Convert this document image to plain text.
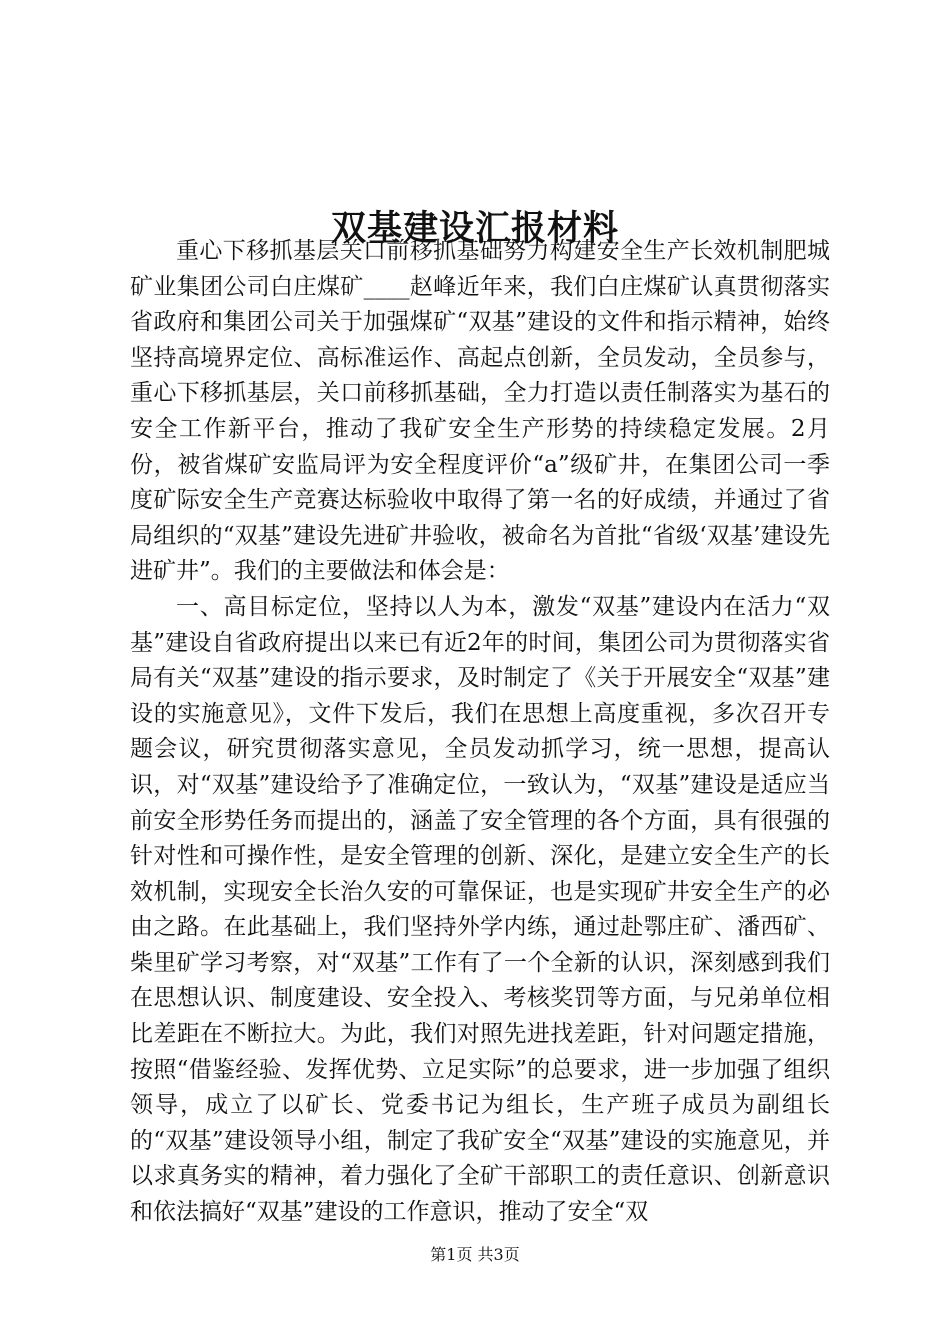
双基建设汇报材料

重心下移抓基层关口前移抓基础努力构建安全生产长效机制肥城矿业集团公司白庄煤矿____赵峰近年来，我们白庄煤矿认真贯彻落实省政府和集团公司关于加强煤矿“双基”建设的文件和指示精神，始终坚持高境界定位、高标准运作、高起点创新，全员发动，全员参与，重心下移抓基层，关口前移抓基础，全力打造以责任制落实为基石的安全工作新平台，推动了我矿安全生产形势的持续稳定发展。2月份，被省煤矿安监局评为安全程度评价“a”级矿井，在集团公司一季度矿际安全生产竞赛达标验收中取得了第一名的好成绩，并通过了省局组织的“双基”建设先进矿井验收，被命名为首批“省级‘双基’建设先进矿井”。我们的主要做法和体会是：

一、高目标定位，坚持以人为本，激发“双基”建设内在活力“双基”建设自省政府提出以来已有近2年的时间，集团公司为贯彻落实省局有关“双基”建设的指示要求，及时制定了《关于开展安全“双基”建设的实施意见》，文件下发后，我们在思想上高度重视，多次召开专题会议，研究贯彻落实意见，全员发动抓学习，统一思想，提高认识，对“双基”建设给予了准确定位，一致认为，“双基”建设是适应当前安全形势任务而提出的，涵盖了安全管理的各个方面，具有很强的针对性和可操作性，是安全管理的创新、深化，是建立安全生产的长效机制，实现安全长治久安的可靠保证，也是实现矿井安全生产的必由之路。在此基础上，我们坚持外学内练，通过赴鄂庄矿、潘西矿、柴里矿学习考察，对“双基”工作有了一个全新的认识，深刻感到我们在思想认识、制度建设、安全投入、考核奖罚等方面，与兄弟单位相比差距在不断拉大。为此，我们对照先进找差距，针对问题定措施，按照“借鉴经验、发挥优势、立足实际”的总要求，进一步加强了组织领导，成立了以矿长、党委书记为组长，生产班子成员为副组长的“双基”建设领导小组，制定了我矿安全“双基”建设的实施意见，并以求真务实的精神，着力强化了全矿干部职工的责任意识、创新意识和依法搞好“双基”建设的工作意识，推动了安全“双

第1页 共3页
